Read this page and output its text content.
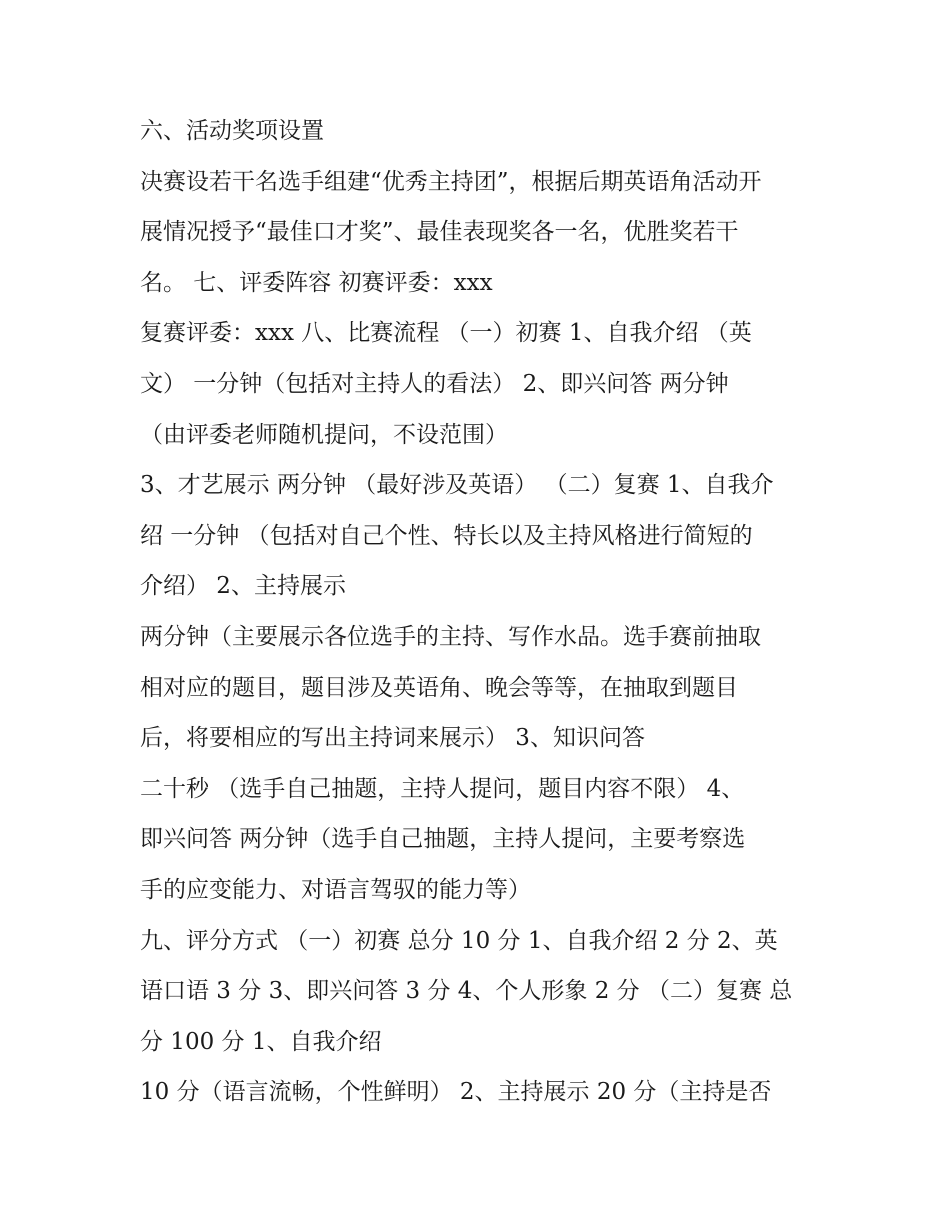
六、活动奖项设置
决赛设若干名选手组建“优秀主持团”，根据后期英语角活动开
展情况授予“最佳口才奖”、最佳表现奖各一名，优胜奖若干
名。 七、评委阵容 初赛评委：xxx
复赛评委：xxx 八、比赛流程 （一）初赛 1、自我介绍 （英
文） 一分钟（包括对主持人的看法） 2、即兴问答 两分钟
（由评委老师随机提问，不设范围）
3、才艺展示 两分钟 （最好涉及英语） （二）复赛 1、自我介
绍 一分钟 （包括对自己个性、特长以及主持风格进行简短的
介绍） 2、主持展示
两分钟（主要展示各位选手的主持、写作水品。选手赛前抽取
相对应的题目，题目涉及英语角、晚会等等，在抽取到题目
后，将要相应的写出主持词来展示） 3、知识问答
二十秒 （选手自己抽题，主持人提问，题目内容不限） 4、
即兴问答 两分钟（选手自己抽题，主持人提问，主要考察选
手的应变能力、对语言驾驭的能力等）
九、评分方式 （一）初赛 总分 10 分 1、自我介绍 2 分 2、英
语口语 3 分 3、即兴问答 3 分 4、个人形象 2 分 （二）复赛 总
分 100 分 1、自我介绍
10 分（语言流畅，个性鲜明） 2、主持展示 20 分（主持是否
